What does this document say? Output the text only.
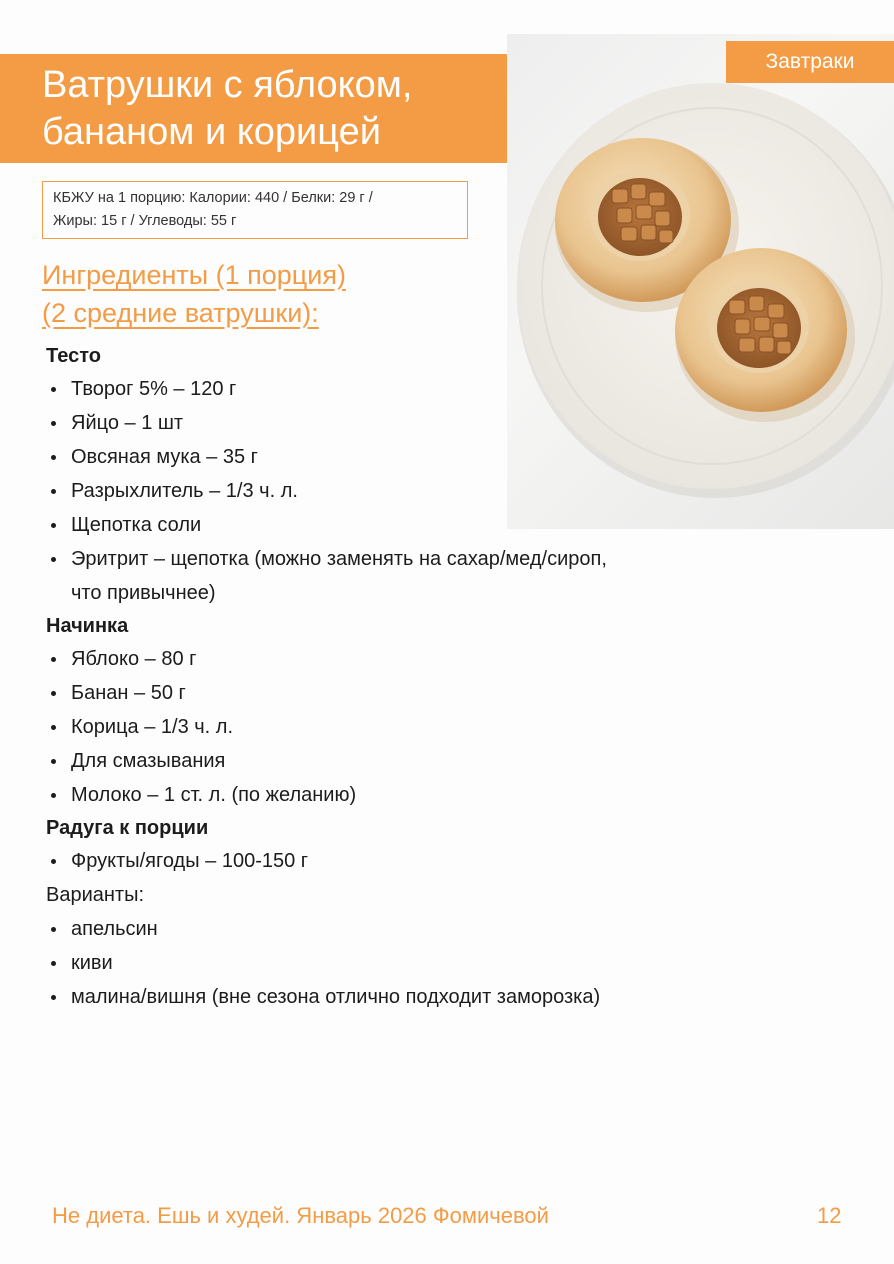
Ватрушки с яблоком,
бананом и корицей
Завтраки
КБЖУ на 1 порцию: Калории: 440 / Белки: 29 г /
Жиры: 15 г / Углеводы: 55 г
Ингредиенты (1 порция)
(2 средние ватрушки):
Тесто
Творог 5% – 120 г
Яйцо – 1 шт
Овсяная мука – 35 г
Разрыхлитель – 1/3 ч. л.
Щепотка соли
Эритрит – щепотка (можно заменять на сахар/мед/сироп,
что привычнее)
Начинка
Яблоко – 80 г
Банан – 50 г
Корица – 1/3 ч. л.
Для смазывания
Молоко – 1 ст. л. (по желанию)
Радуга к порции
Фрукты/ягоды – 100-150 г
Варианты:
апельсин
киви
малина/вишня (вне сезона отлично подходит заморозка)
Не диета. Ешь и худей. Январь 2026 Фомичевой	12
